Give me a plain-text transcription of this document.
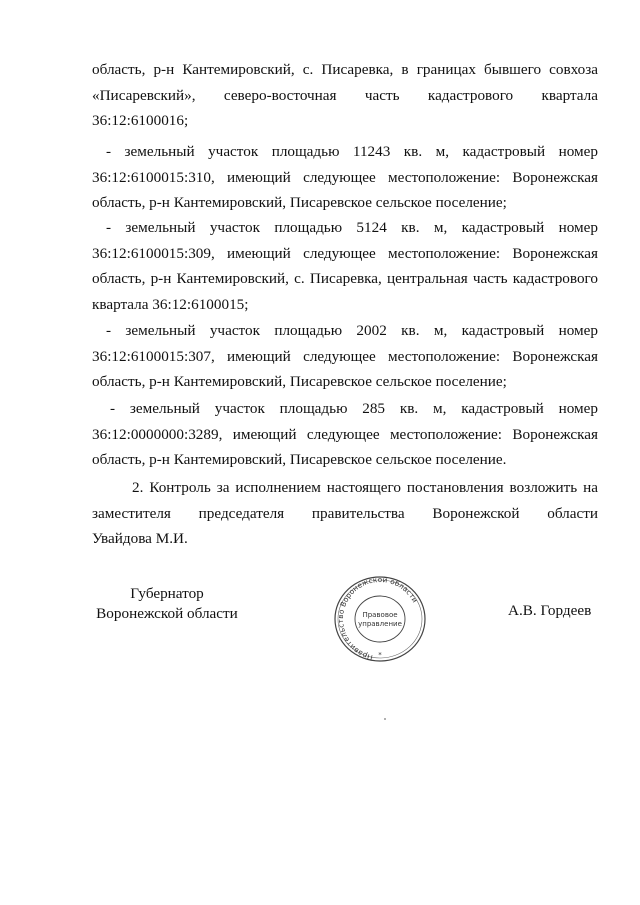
область, р-н Кантемировский, с. Писаревка, в границах бывшего совхоза
«Писаревский», северо-восточная часть кадастрового квартала
36:12:6100016;
- земельный участок площадью 11243 кв. м, кадастровый номер
36:12:6100015:310, имеющий следующее местоположение: Воронежская
область, р-н Кантемировский, Писаревское сельское поселение;
- земельный участок площадью 5124 кв. м, кадастровый номер
36:12:6100015:309, имеющий следующее местоположение: Воронежская
область, р-н Кантемировский, с. Писаревка, центральная часть кадастрового
квартала 36:12:6100015;
- земельный участок площадью 2002 кв. м, кадастровый номер
36:12:6100015:307, имеющий следующее местоположение: Воронежская
область, р-н Кантемировский, Писаревское сельское поселение;
- земельный участок площадью 285 кв. м, кадастровый номер
36:12:0000000:3289, имеющий следующее местоположение: Воронежская
область, р-н Кантемировский, Писаревское сельское поселение.
2. Контроль за исполнением настоящего постановления возложить на
заместителя председателя правительства Воронежской области
Увайдова М.И.
Губернатор
Воронежской области
Правительство Воронежской области
Правовое
управление
*
А.В. Гордеев
